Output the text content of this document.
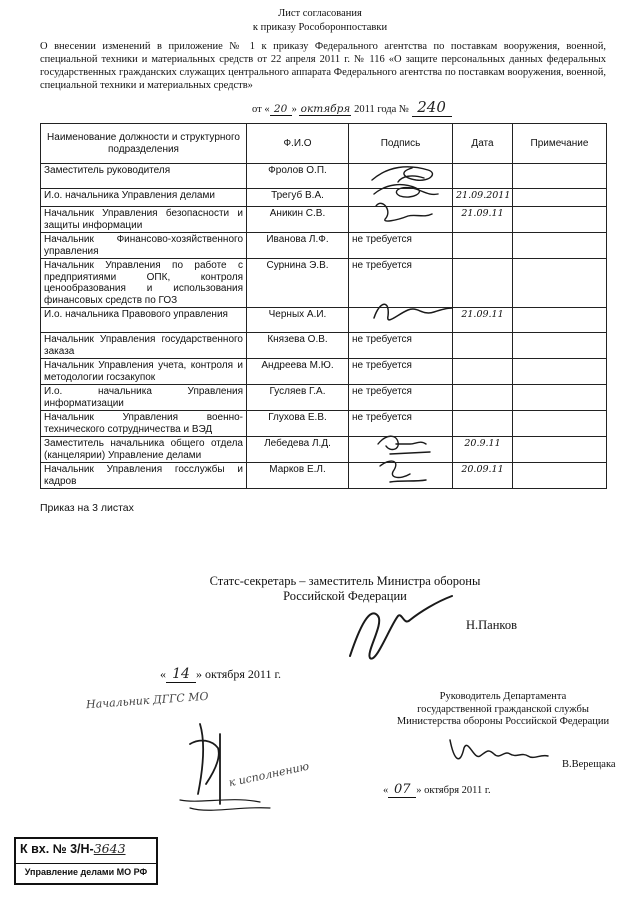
Лист согласования
к приказу Рособоронпоставки
О внесении изменений в приложение № 1 к приказу Федерального агентства по поставкам вооружения, военной, специальной техники и материальных средств от 22 апреля 2011 г. № 116 «О защите персональных данных федеральных государственных гражданских служащих центрального аппарата Федерального агентства по поставкам вооружения, военной, специальной техники и материальных средств»
от « 20 » октября 2011 года № 240
Наименование должности и структурного подразделения	Ф.И.О	Подпись	Дата	Примечание
Заместитель руководителя	Фролов О.П.			
И.о. начальника Управления делами	Трегуб В.А.		21.09.2011	
Начальник Управления безопасности и защиты информации	Аникин С.В.		21.09.11	
Начальник Финансово-хозяйственного управления	Иванова Л.Ф.	не требуется		
Начальник Управления по работе с предприятиями ОПК, контроля ценообразования и использования финансовых средств по ГОЗ	Сурнина Э.В.	не требуется		
И.о. начальника Правового управления	Черных А.И.		21.09.11	
Начальник Управления государственного заказа	Князева О.В.	не требуется		
Начальник Управления учета, контроля и методологии госзакупок	Андреева М.Ю.	не требуется		
И.о. начальника Управления информатизации	Гусляев Г.А.	не требуется		
Начальник Управления военно-технического сотрудничества и ВЭД	Глухова Е.В.	не требуется		
Заместитель начальника общего отдела (канцелярии) Управление делами	Лебедева Л.Д.		20.9.11	
Начальник Управления госслужбы и кадров	Марков Е.Л.		20.09.11	
Приказ на 3 листах
Статс-секретарь – заместитель Министра обороны
Российской Федерации
Н.Панков
« 14 » октября 2011 г.
Начальник ДГГС МО
к исполнению
Руководитель Департамента
государственной гражданской службы
Министерства обороны Российской Федерации
В.Верещака
« 07 » октября 2011 г.
К вх. № 3/Н-3643
Управление делами МО РФ
